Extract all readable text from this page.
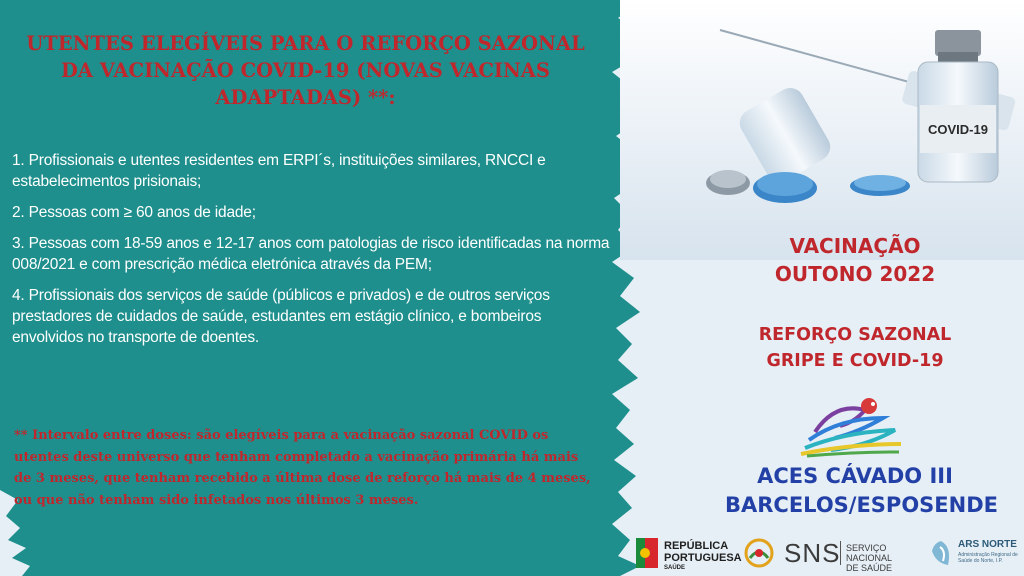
COVID-19
UTENTES ELEGÍVEIS PARA O REFORÇO SAZONAL DA VACINAÇÃO COVID-19 (NOVAS VACINAS ADAPTADAS) **:

1. Profissionais e utentes residentes em ERPI´s, instituições similares, RNCCI e estabelecimentos prisionais;

2. Pessoas com ≥ 60 anos de idade;

3. Pessoas com 18-59 anos e 12-17 anos com patologias de risco identificadas na norma 008/2021 e com prescrição médica eletrónica através da PEM;

4. Profissionais dos serviços de saúde (públicos e privados) e de outros serviços prestadores de cuidados de saúde, estudantes em estágio clínico, e bombeiros envolvidos no transporte de doentes.

** Intervalo entre doses: são elegíveis para a vacinação sazonal COVID os utentes deste universo que tenham completado a vacinação primária há mais de 3 meses, que tenham recebido a última dose de reforço há mais de 4 meses, ou que não tenham sido infetados nos últimos 3 meses.

VACINAÇÃO
OUTONO 2022
REFORÇO SAZONAL
GRIPE E COVID-19
ACES CÁVADO III
BARCELOS/ESPOSENDE
REPÚBLICA
PORTUGUESA
SAÚDE	SNS SERVIÇO NACIONAL
DE SAÚDE
ARS NORTE
Administração Regional de Saúde do Norte, I.P.
